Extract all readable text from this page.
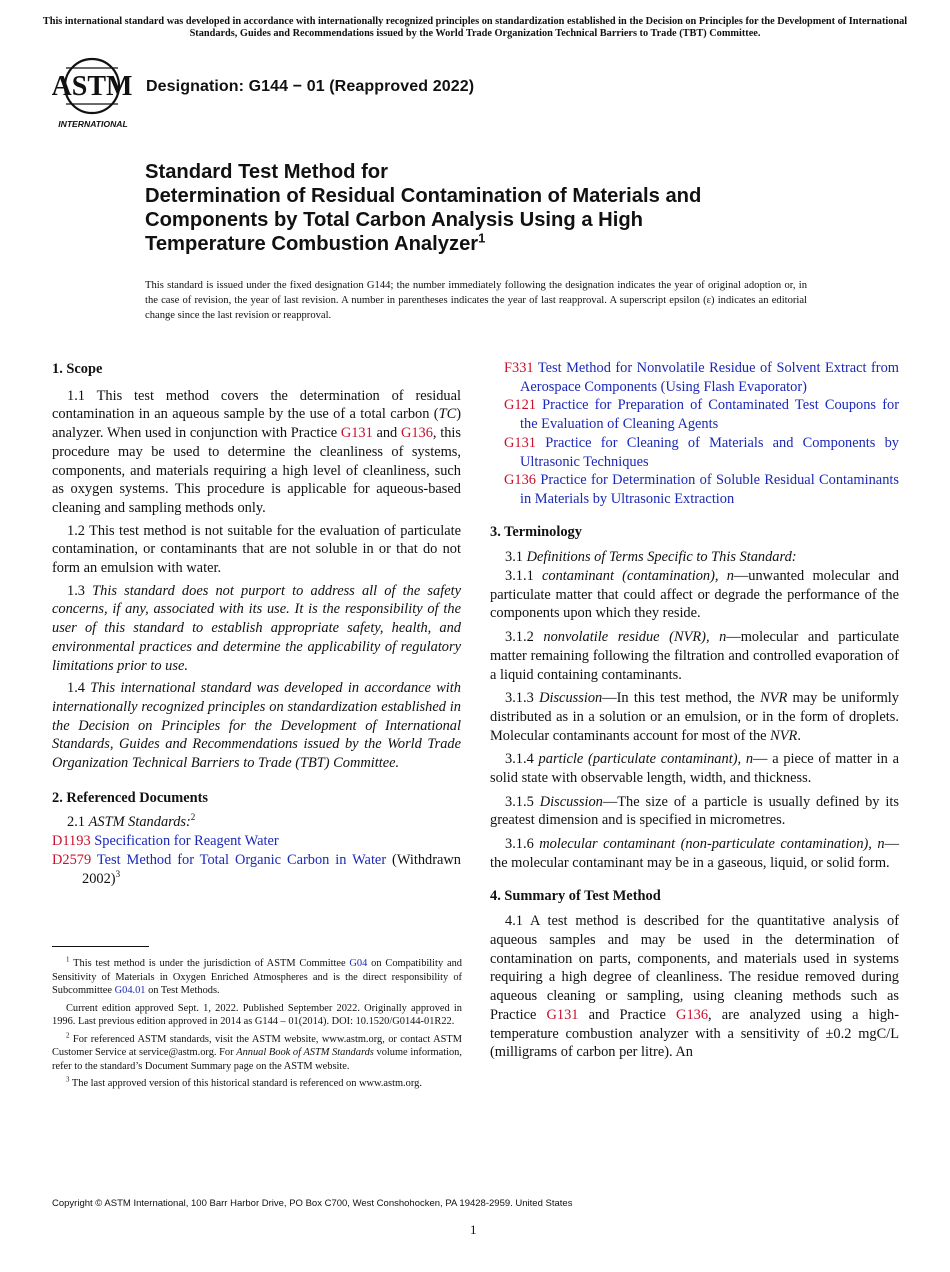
This international standard was developed in accordance with internationally recognized principles on standardization established in the Decision on Principles for the Development of International Standards, Guides and Recommendations issued by the World Trade Organization Technical Barriers to Trade (TBT) Committee.
ASTM
INTERNATIONAL
Designation: G144 − 01 (Reapproved 2022)
Standard Test Method for
Determination of Residual Contamination of Materials and
Components by Total Carbon Analysis Using a High
Temperature Combustion Analyzer$^1$
This standard is issued under the fixed designation G144; the number immediately following the designation indicates the year of original adoption or, in the case of revision, the year of last revision. A number in parentheses indicates the year of last reapproval. A superscript epsilon (ε) indicates an editorial change since the last revision or reapproval.

1. Scope

1.1 This test method covers the determination of residual contamination in an aqueous sample by the use of a total carbon (TC) analyzer. When used in conjunction with Practice G131 and G136, this procedure may be used to determine the cleanliness of systems, components, and materials requiring a high level of cleanliness, such as oxygen systems. This procedure is applicable for aqueous-based cleaning and sampling methods only.

1.2 This test method is not suitable for the evaluation of particulate contamination, or contaminants that are not soluble in or that do not form an emulsion with water.

1.3 This standard does not purport to address all of the safety concerns, if any, associated with its use. It is the responsibility of the user of this standard to establish appropriate safety, health, and environmental practices and determine the applicability of regulatory limitations prior to use.

1.4 This international standard was developed in accordance with internationally recognized principles on standardization established in the Decision on Principles for the Development of International Standards, Guides and Recommendations issued by the World Trade Organization Technical Barriers to Trade (TBT) Committee.

2. Referenced Documents

2.1 ASTM Standards:$^2$

D1193 Specification for Reagent Water

D2579 Test Method for Total Organic Carbon in Water (Withdrawn 2002)$^3$

$^1$ This test method is under the jurisdiction of ASTM Committee G04 on Compatibility and Sensitivity of Materials in Oxygen Enriched Atmospheres and is the direct responsibility of Subcommittee G04.01 on Test Methods.

Current edition approved Sept. 1, 2022. Published September 2022. Originally approved in 1996. Last previous edition approved in 2014 as G144 – 01(2014). DOI: 10.1520/G0144-01R22.

$^2$ For referenced ASTM standards, visit the ASTM website, www.astm.org, or contact ASTM Customer Service at service@astm.org. For Annual Book of ASTM Standards volume information, refer to the standard’s Document Summary page on the ASTM website.

$^3$ The last approved version of this historical standard is referenced on www.astm.org.

F331 Test Method for Nonvolatile Residue of Solvent Extract from Aerospace Components (Using Flash Evaporator)

G121 Practice for Preparation of Contaminated Test Coupons for the Evaluation of Cleaning Agents

G131 Practice for Cleaning of Materials and Components by Ultrasonic Techniques

G136 Practice for Determination of Soluble Residual Contaminants in Materials by Ultrasonic Extraction

3. Terminology

3.1 Definitions of Terms Specific to This Standard:

3.1.1 contaminant (contamination), n—unwanted molecular and particulate matter that could affect or degrade the performance of the components upon which they reside.

3.1.2 nonvolatile residue (NVR), n—molecular and particulate matter remaining following the filtration and controlled evaporation of a liquid containing contaminants.

3.1.3 Discussion—In this test method, the NVR may be uniformly distributed as in a solution or an emulsion, or in the form of droplets. Molecular contaminants account for most of the NVR.

3.1.4 particle (particulate contaminant), n— a piece of matter in a solid state with observable length, width, and thickness.

3.1.5 Discussion—The size of a particle is usually defined by its greatest dimension and is specified in micrometres.

3.1.6 molecular contaminant (non-particulate contamination), n—the molecular contaminant may be in a gaseous, liquid, or solid form.

4. Summary of Test Method

4.1 A test method is described for the quantitative analysis of aqueous samples and may be used in the determination of contamination on parts, components, and materials used in systems requiring a high degree of cleanliness. The residue removed during aqueous cleaning or sampling, using cleaning methods such as Practice G131 and Practice G136, are analyzed using a high-temperature combustion analyzer with a sensitivity of ±0.2 mgC/L (milligrams of carbon per litre). An

Copyright © ASTM International, 100 Barr Harbor Drive, PO Box C700, West Conshohocken, PA 19428-2959. United States
1
